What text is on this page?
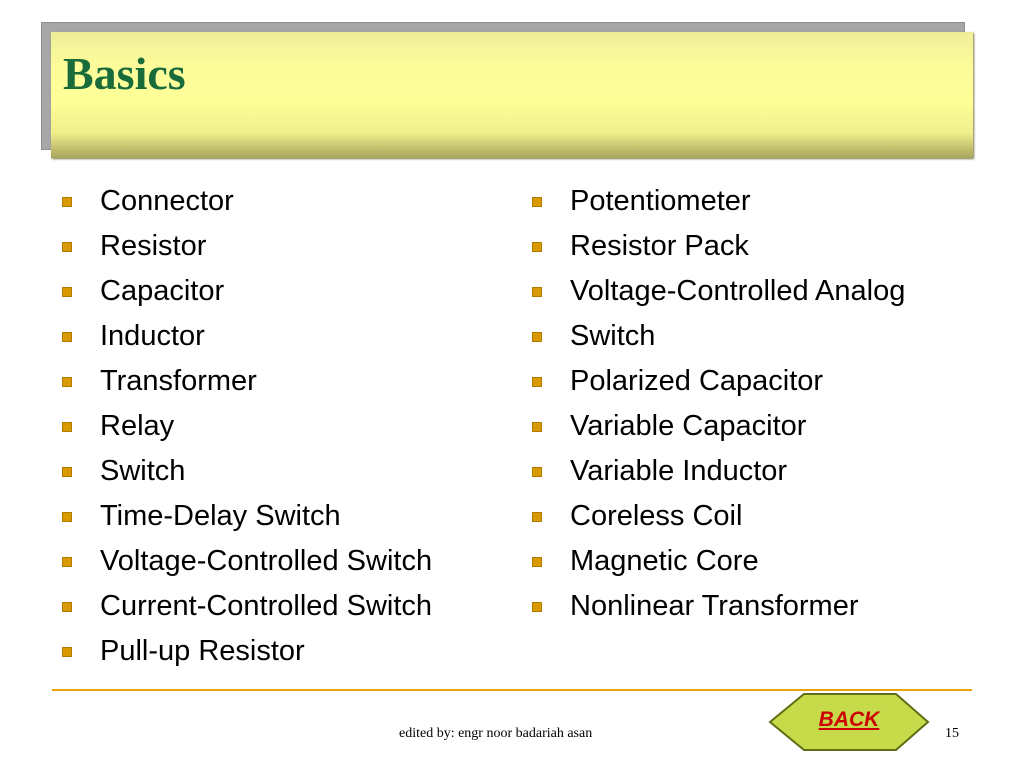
Basics
Connector
Resistor
Capacitor
Inductor
Transformer
Relay
Switch
Time-Delay Switch
Voltage-Controlled Switch
Current-Controlled Switch
Pull-up Resistor
Potentiometer
Resistor Pack
Voltage-Controlled Analog
Switch
Polarized Capacitor
Variable Capacitor
Variable Inductor
Coreless Coil
Magnetic Core
Nonlinear Transformer
edited by: engr noor badariah asan
BACK
15
